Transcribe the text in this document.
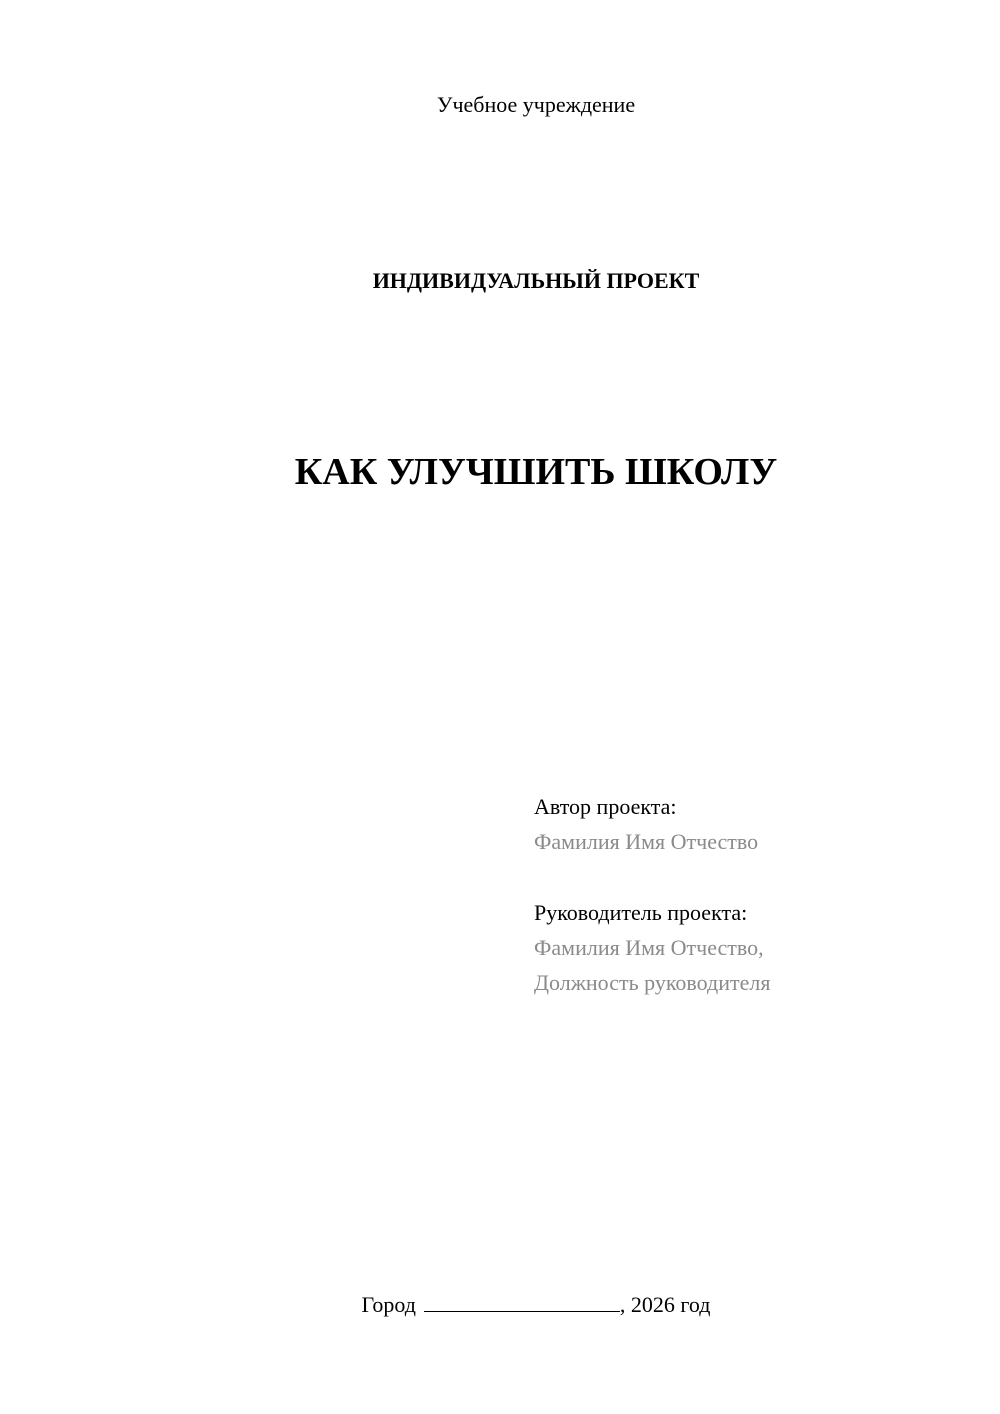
Учебное учреждение
ИНДИВИДУАЛЬНЫЙ ПРОЕКТ
КАК УЛУЧШИТЬ ШКОЛУ
Автор проекта:
Фамилия Имя Отчество
Руководитель проекта:
Фамилия Имя Отчество,
Должность руководителя
Город	, 2026 год
